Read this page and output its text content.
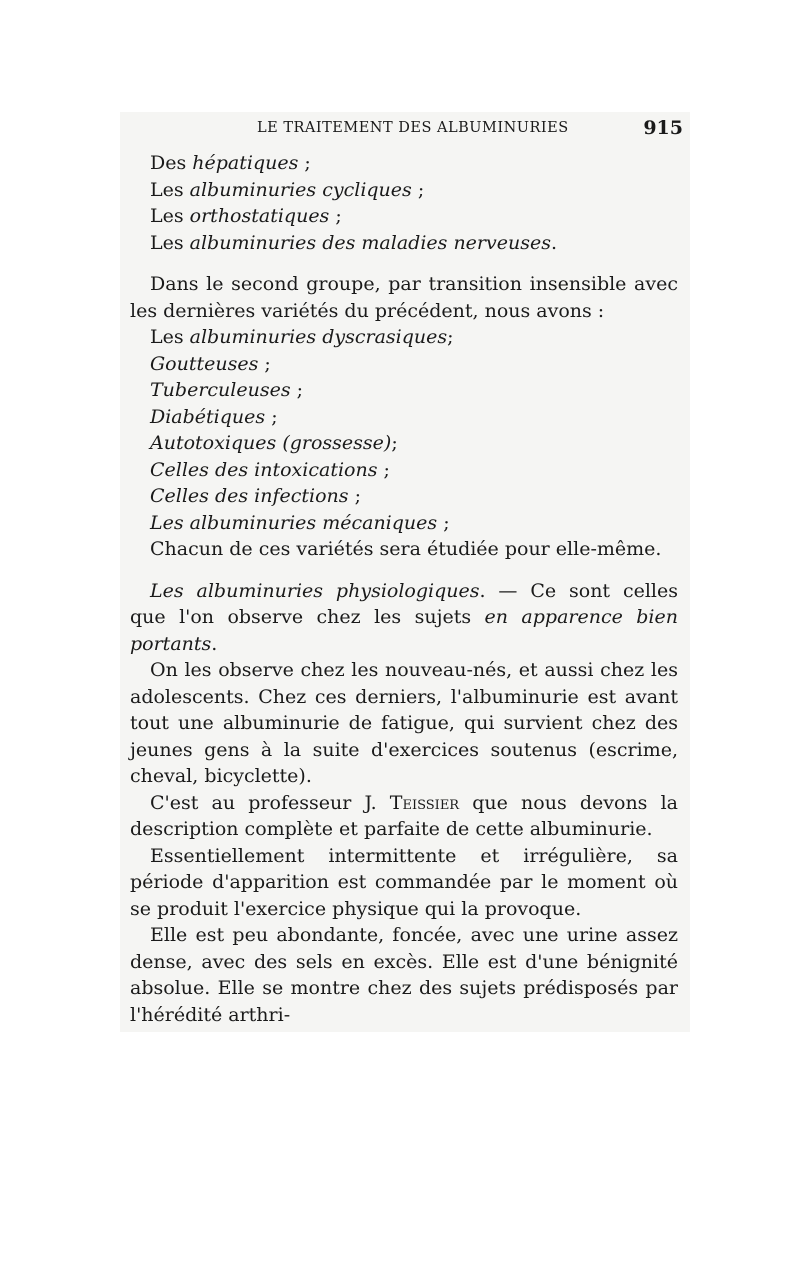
LE TRAITEMENT DES ALBUMINURIES	915
Des hépatiques ;
Les albuminuries cycliques ;
Les orthostatiques ;
Les albuminuries des maladies nerveuses.

Dans le second groupe, par transition insensible avec les dernières variétés du précédent, nous avons :

Les albuminuries dyscrasiques;
Goutteuses ;
Tuberculeuses ;
Diabétiques ;
Autotoxiques (grossesse);
Celles des intoxications ;
Celles des infections ;
Les albuminuries mécaniques ;
Chacun de ces variétés sera étudiée pour elle-même.

Les albuminuries physiologiques. — Ce sont celles que l'on observe chez les sujets en apparence bien portants.

On les observe chez les nouveau-nés, et aussi chez les adolescents. Chez ces derniers, l'albuminurie est avant tout une albuminurie de fatigue, qui survient chez des jeunes gens à la suite d'exercices soutenus (escrime, cheval, bicyclette).

C'est au professeur J. Teissier que nous devons la description complète et parfaite de cette albuminurie.

Essentiellement intermittente et irrégulière, sa période d'apparition est commandée par le moment où se produit l'exercice physique qui la provoque.

Elle est peu abondante, foncée, avec une urine assez dense, avec des sels en excès. Elle est d'une bénignité absolue. Elle se montre chez des sujets prédisposés par l'hérédité arthri-
